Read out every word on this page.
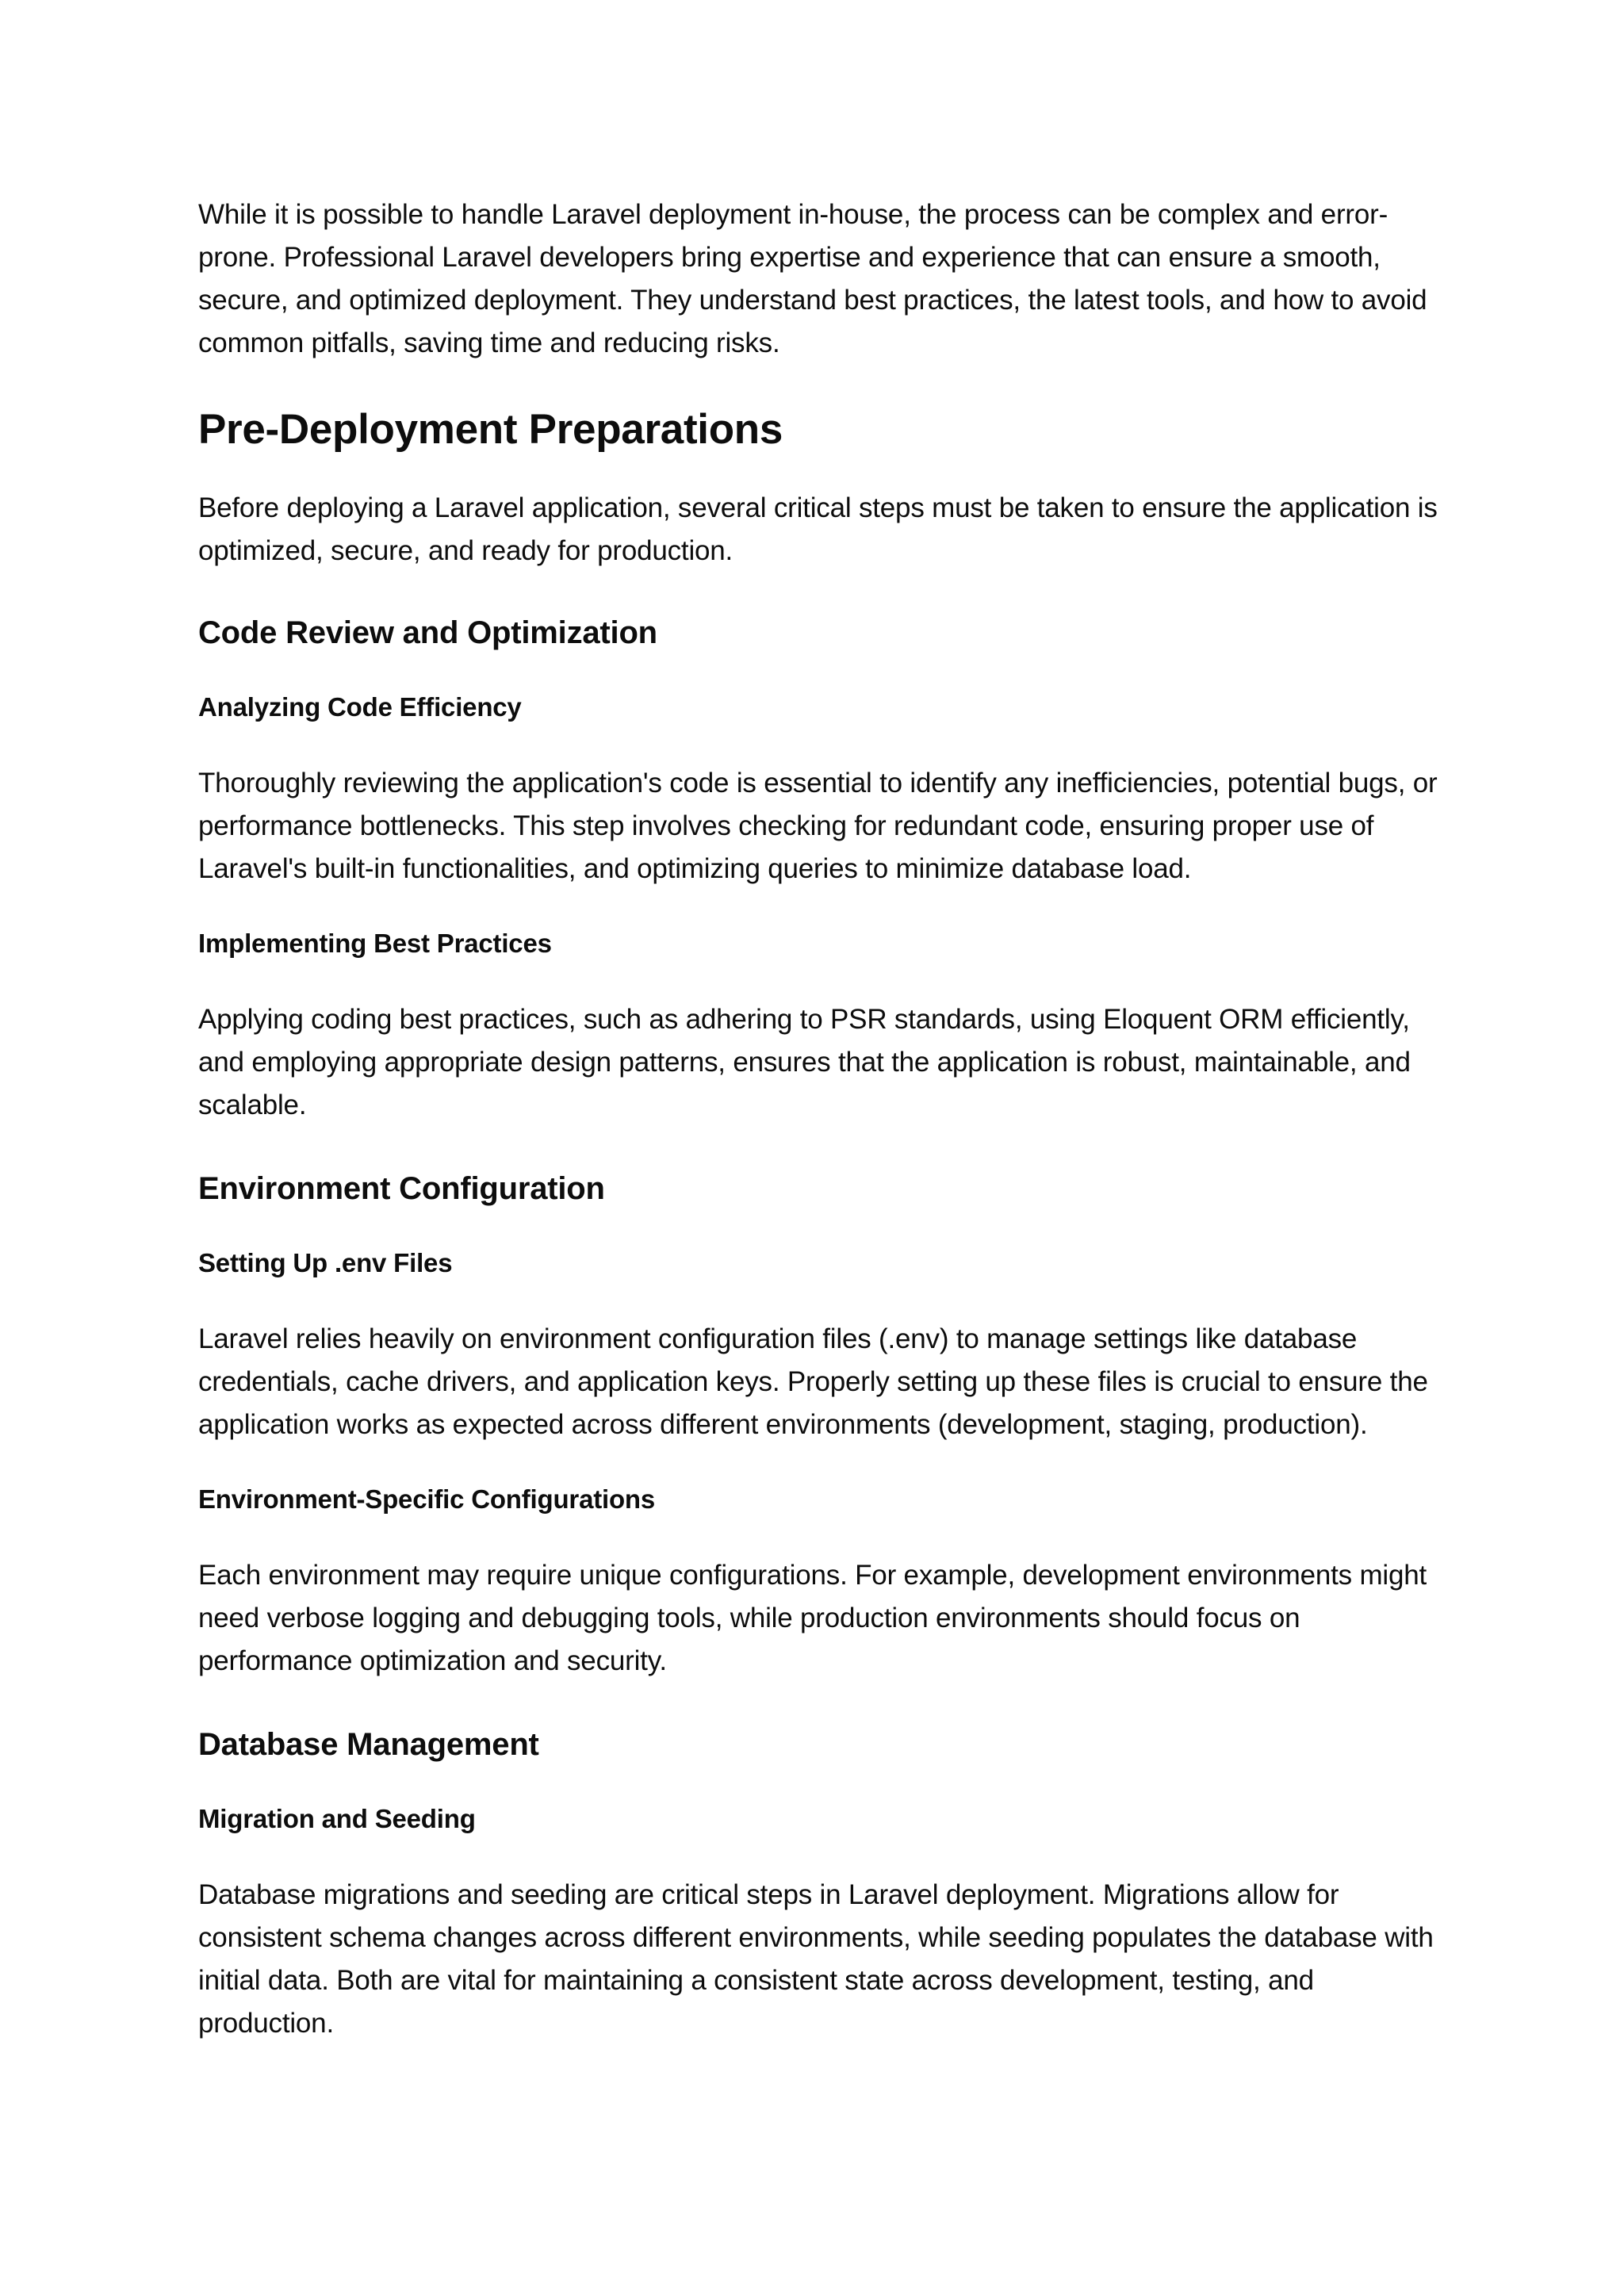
While it is possible to handle Laravel deployment in-house, the process can be complex and error-prone. Professional Laravel developers bring expertise and experience that can ensure a smooth, secure, and optimized deployment. They understand best practices, the latest tools, and how to avoid common pitfalls, saving time and reducing risks.

Pre-Deployment Preparations

Before deploying a Laravel application, several critical steps must be taken to ensure the application is optimized, secure, and ready for production.

Code Review and Optimization
Analyzing Code Efficiency

Thoroughly reviewing the application's code is essential to identify any inefficiencies, potential bugs, or performance bottlenecks. This step involves checking for redundant code, ensuring proper use of Laravel's built-in functionalities, and optimizing queries to minimize database load.

Implementing Best Practices

Applying coding best practices, such as adhering to PSR standards, using Eloquent ORM efficiently, and employing appropriate design patterns, ensures that the application is robust, maintainable, and scalable.

Environment Configuration
Setting Up .env Files

Laravel relies heavily on environment configuration files (.env) to manage settings like database credentials, cache drivers, and application keys. Properly setting up these files is crucial to ensure the application works as expected across different environments (development, staging, production).

Environment-Specific Configurations

Each environment may require unique configurations. For example, development environments might need verbose logging and debugging tools, while production environments should focus on performance optimization and security.

Database Management
Migration and Seeding

Database migrations and seeding are critical steps in Laravel deployment. Migrations allow for consistent schema changes across different environments, while seeding populates the database with initial data. Both are vital for maintaining a consistent state across development, testing, and production.
